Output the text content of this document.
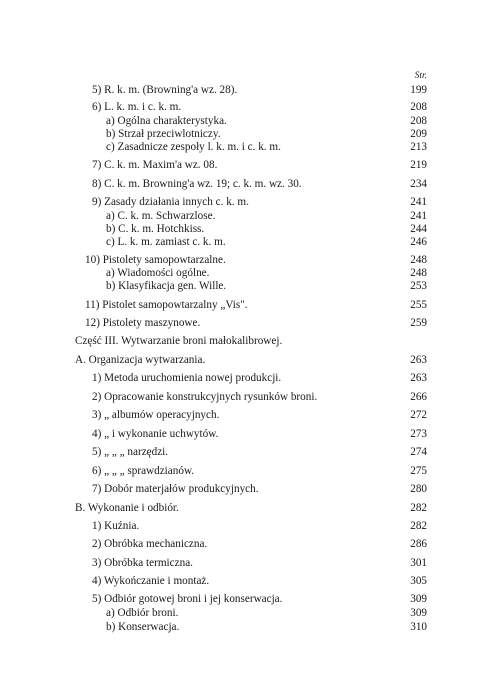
Str.
5) R. k. m. (Browning'a wz. 28).	199
6) L. k. m. i c. k. m.	208
a) Ogólna charakterystyka.	208
b) Strzał przeciwlotniczy.	209
c) Zasadnicze zespoły l. k. m. i c. k. m.	213
7) C. k. m. Maxim'a wz. 08.	219
8) C. k. m. Browning'a wz. 19; c. k. m. wz. 30.	234
9) Zasady działania innych c. k. m.	241
a) C. k. m. Schwarzlose.	241
b) C. k. m. Hotchkiss.	244
c) L. k. m. zamiast c. k. m.	246
10) Pistolety samopowtarzalne.	248
a) Wiadomości ogólne.	248
b) Klasyfikacja gen. Wille.	253
11) Pistolet samopowtarzalny „Vis".	255
12) Pistolety maszynowe.	259
Część III. Wytwarzanie broni małokalibrowej.
A. Organizacja wytwarzania.	263
1) Metoda uruchomienia nowej produkcji.	263
2) Opracowanie konstrukcyjnych rysunków broni.	266
3) „ albumów operacyjnych.	272
4) „ i wykonanie uchwytów.	273
5) „ „ „ narzędzi.	274
6) „ „ „ sprawdzianów.	275
7) Dobór materjałów produkcyjnych.	280
B. Wykonanie i odbiór.	282
1) Kuźnia.	282
2) Obróbka mechaniczna.	286
3) Obróbka termiczna.	301
4) Wykończanie i montaż.	305
5) Odbiór gotowej broni i jej konserwacja.	309
a) Odbiór broni.	309
b) Konserwacja.	310
